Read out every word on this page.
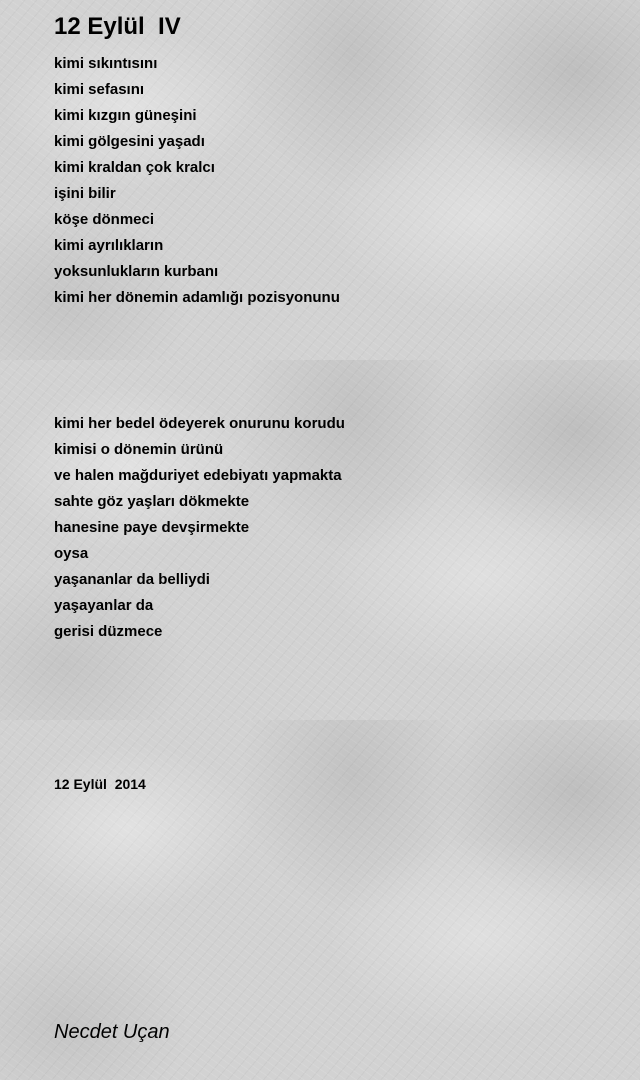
12 Eylül  IV
kimi sıkıntısını
kimi sefasını
kimi kızgın güneşini
kimi gölgesini yaşadı
kimi kraldan çok kralcı
işini bilir
köşe dönmeci
kimi ayrılıkların
yoksunlukların kurbanı
kimi her dönemin adamlığı pozisyonunu
kimi her bedel ödeyerek onurunu korudu
kimisi o dönemin ürünü
ve halen mağduriyet edebiyatı yapmakta
sahte göz yaşları dökmekte
hanesine paye devşirmekte
oysa
yaşananlar da belliydi
yaşayanlar da
gerisi düzmece
12 Eylül  2014
Necdet Uçan
